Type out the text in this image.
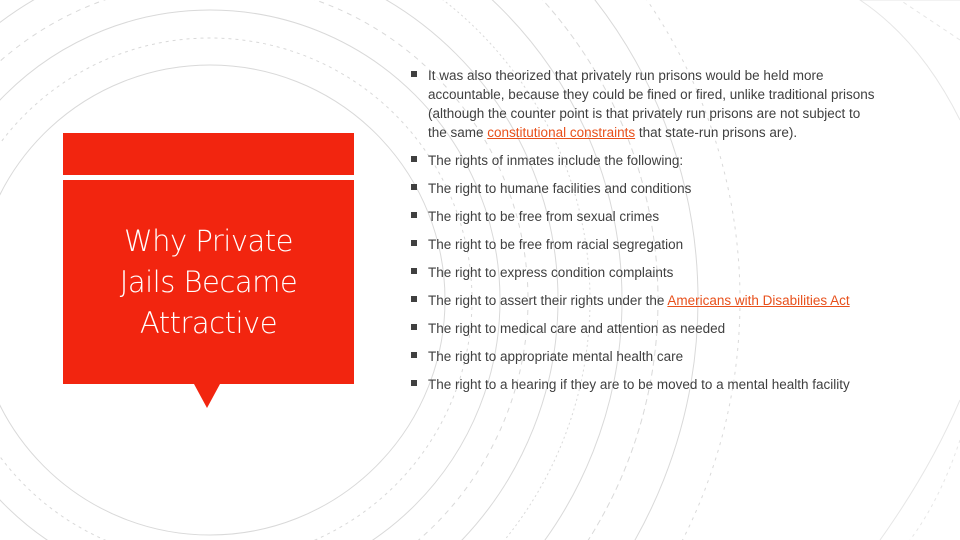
Why Private
Jails Became
Attractive
It was also theorized that privately run prisons would be held more accountable, because they could be fined or fired, unlike traditional prisons (although the counter point is that privately run prisons are not subject to the same constitutional constraints that state-run prisons are).
The rights of inmates include the following:
The right to humane facilities and conditions
The right to be free from sexual crimes
The right to be free from racial segregation
The right to express condition complaints
The right to assert their rights under the Americans with Disabilities Act
The right to medical care and attention as needed
The right to appropriate mental health care
The right to a hearing if they are to be moved to a mental health facility
